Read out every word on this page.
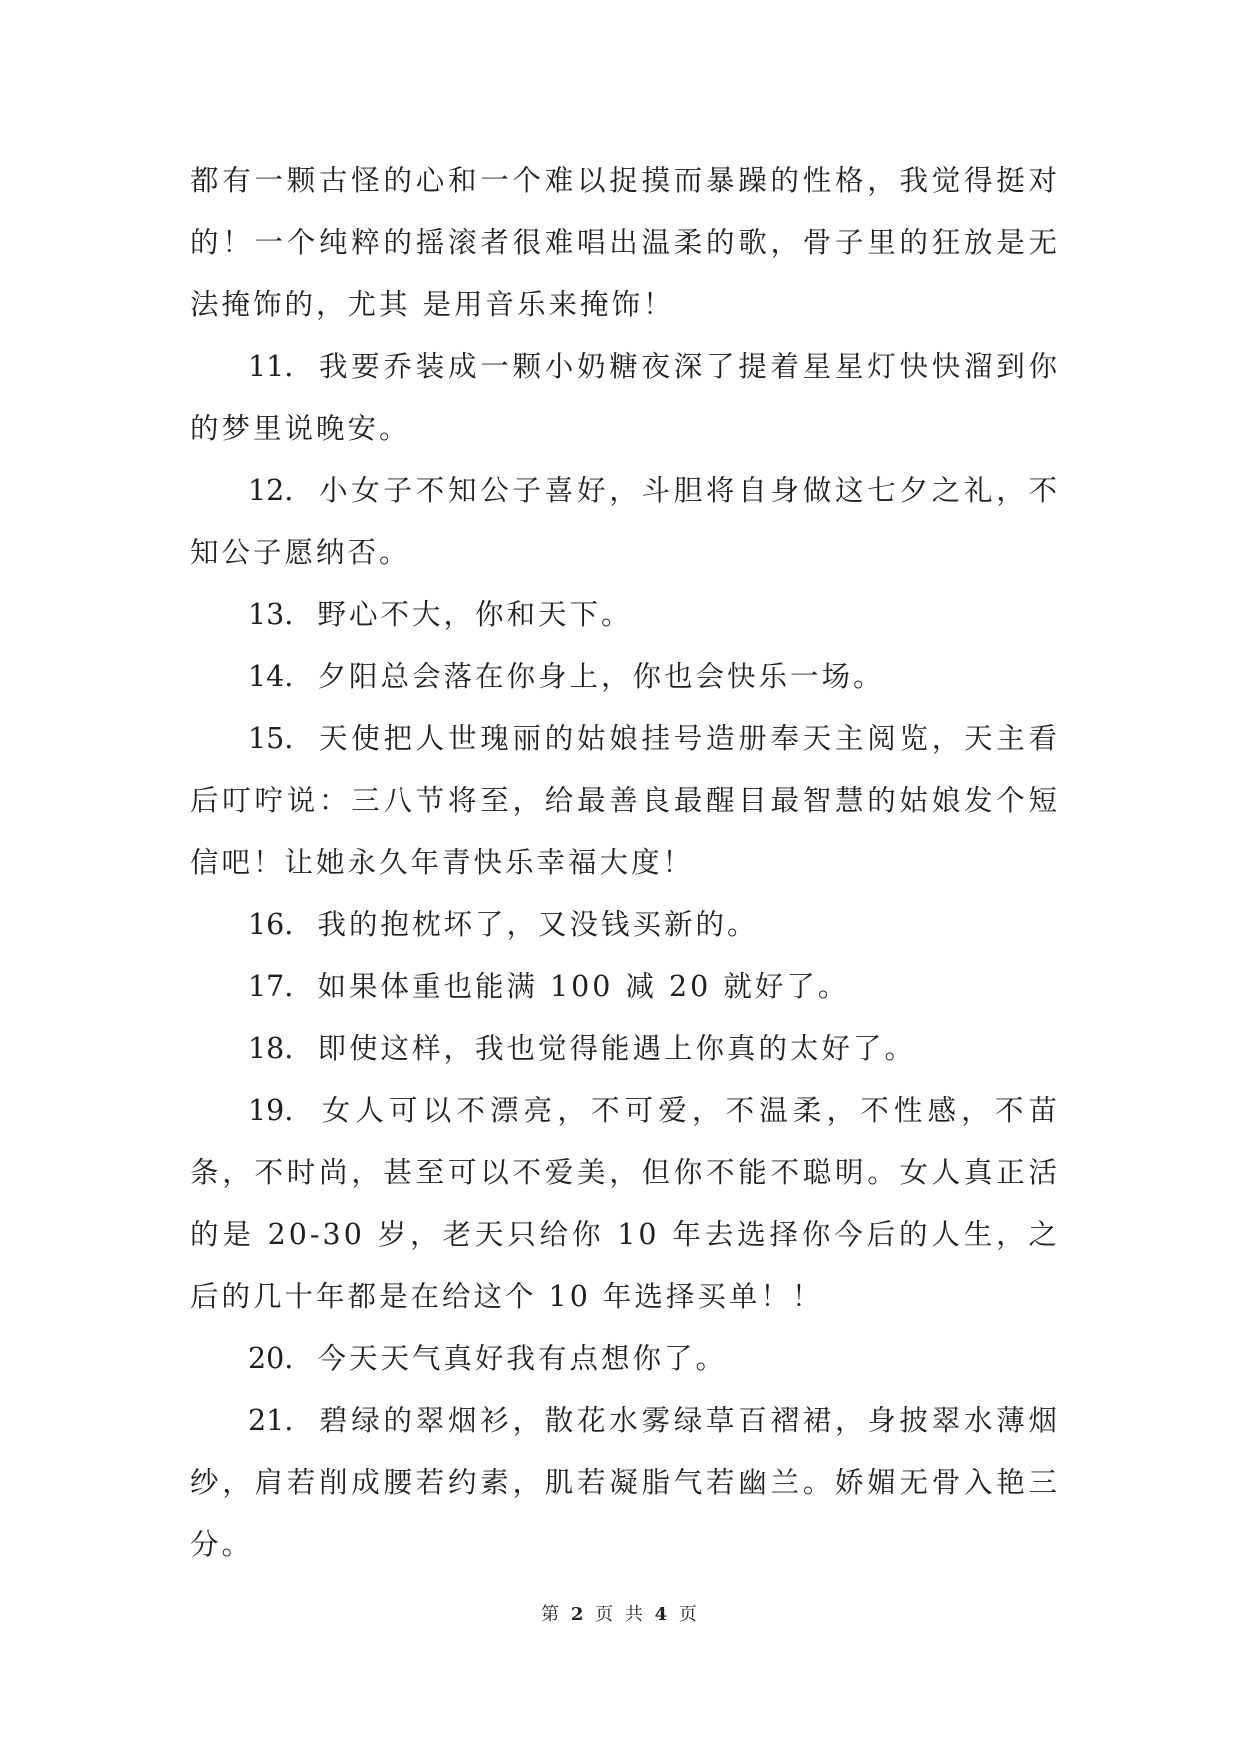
都有一颗古怪的心和一个难以捉摸而暴躁的性格，我觉得挺对的！一个纯粹的摇滚者很难唱出温柔的歌，骨子里的狂放是无法掩饰的，尤其 是用音乐来掩饰！

11. 我要乔装成一颗小奶糖夜深了提着星星灯快快溜到你的梦里说晚安。

12. 小女子不知公子喜好，斗胆将自身做这七夕之礼，不知公子愿纳否。

13. 野心不大，你和天下。

14. 夕阳总会落在你身上，你也会快乐一场。

15. 天使把人世瑰丽的姑娘挂号造册奉天主阅览，天主看后叮咛说：三八节将至，给最善良最醒目最智慧的姑娘发个短信吧！让她永久年青快乐幸福大度！

16. 我的抱枕坏了，又没钱买新的。

17. 如果体重也能满 100 减 20 就好了。

18. 即使这样，我也觉得能遇上你真的太好了。

19. 女人可以不漂亮，不可爱，不温柔，不性感，不苗条，不时尚，甚至可以不爱美，但你不能不聪明。女人真正活的是 20-30 岁，老天只给你 10 年去选择你今后的人生，之后的几十年都是在给这个 10 年选择买单！！

20. 今天天气真好我有点想你了。

21. 碧绿的翠烟衫，散花水雾绿草百褶裙，身披翠水薄烟纱，肩若削成腰若约素，肌若凝脂气若幽兰。娇媚无骨入艳三分。

第 2 页 共 4 页
